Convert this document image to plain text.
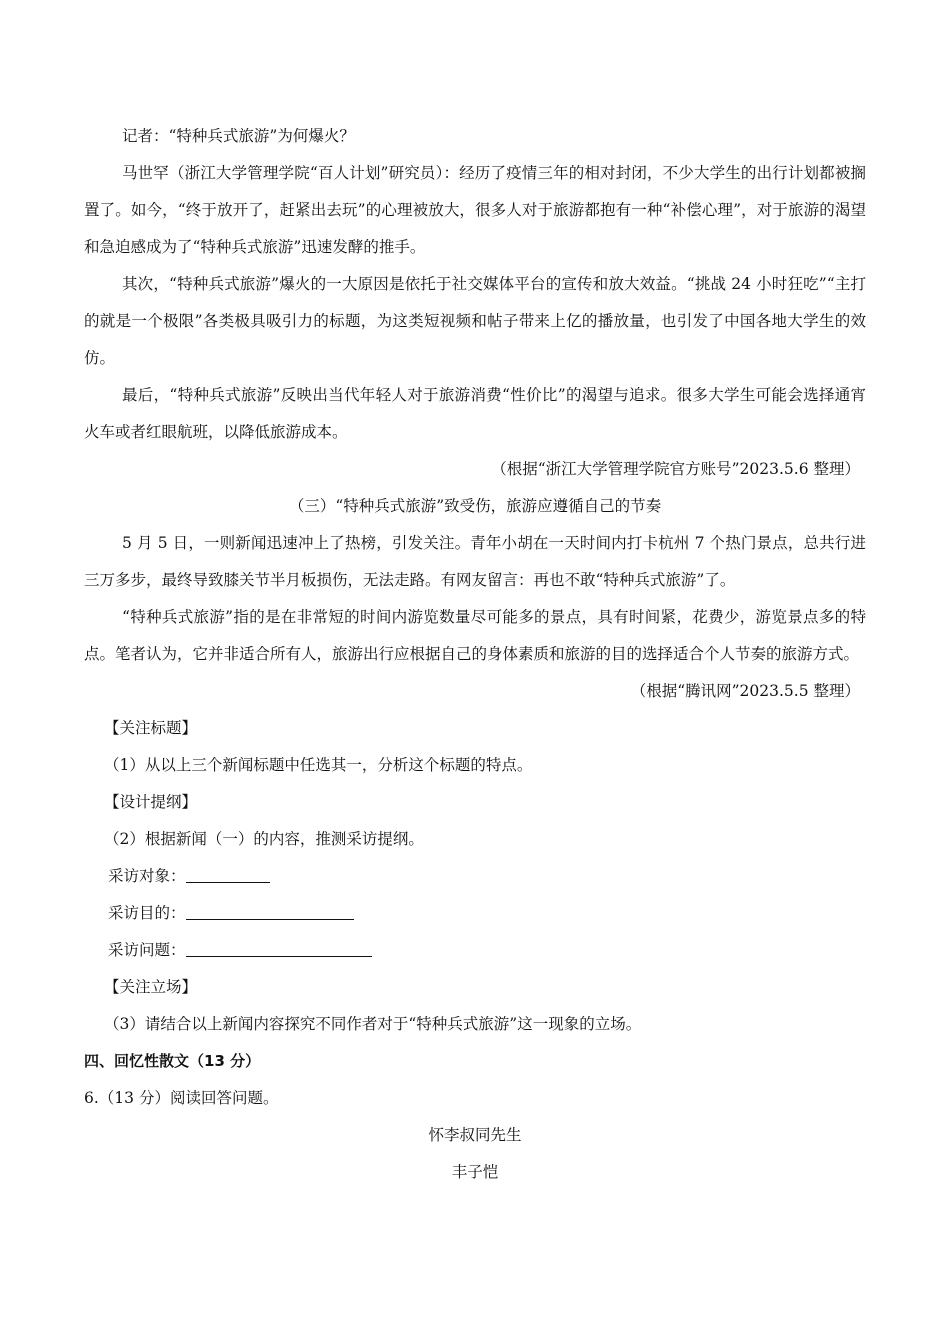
记者：“特种兵式旅游”为何爆火？

马世罕（浙江大学管理学院“百人计划”研究员）：经历了疫情三年的相对封闭，不少大学生的出行计划都被搁置了。如今，“终于放开了，赶紧出去玩”的心理被放大，很多人对于旅游都抱有一种“补偿心理”，对于旅游的渴望和急迫感成为了“特种兵式旅游”迅速发酵的推手。

其次，“特种兵式旅游”爆火的一大原因是依托于社交媒体平台的宣传和放大效益。“挑战 24 小时狂吃”“主打的就是一个极限”各类极具吸引力的标题，为这类短视频和帖子带来上亿的播放量，也引发了中国各地大学生的效仿。

最后，“特种兵式旅游”反映出当代年轻人对于旅游消费“性价比”的渴望与追求。很多大学生可能会选择通宵火车或者红眼航班，以降低旅游成本。

（根据“浙江大学管理学院官方账号”2023.5.6 整理）

（三）“特种兵式旅游”致受伤，旅游应遵循自己的节奏

5 月 5 日，一则新闻迅速冲上了热榜，引发关注。青年小胡在一天时间内打卡杭州 7 个热门景点，总共行进三万多步，最终导致膝关节半月板损伤，无法走路。有网友留言：再也不敢“特种兵式旅游”了。

“特种兵式旅游”指的是在非常短的时间内游览数量尽可能多的景点，具有时间紧，花费少，游览景点多的特点。笔者认为，它并非适合所有人，旅游出行应根据自己的身体素质和旅游的目的选择适合个人节奏的旅游方式。

（根据“腾讯网”2023.5.5 整理）

【关注标题】

（1）从以上三个新闻标题中任选其一，分析这个标题的特点。

【设计提纲】

（2）根据新闻（一）的内容，推测采访提纲。

采访对象：

采访目的：

采访问题：

【关注立场】

（3）请结合以上新闻内容探究不同作者对于“特种兵式旅游”这一现象的立场。

四、回忆性散文（13 分）

6.（13 分）阅读回答问题。

怀李叔同先生

丰子恺
